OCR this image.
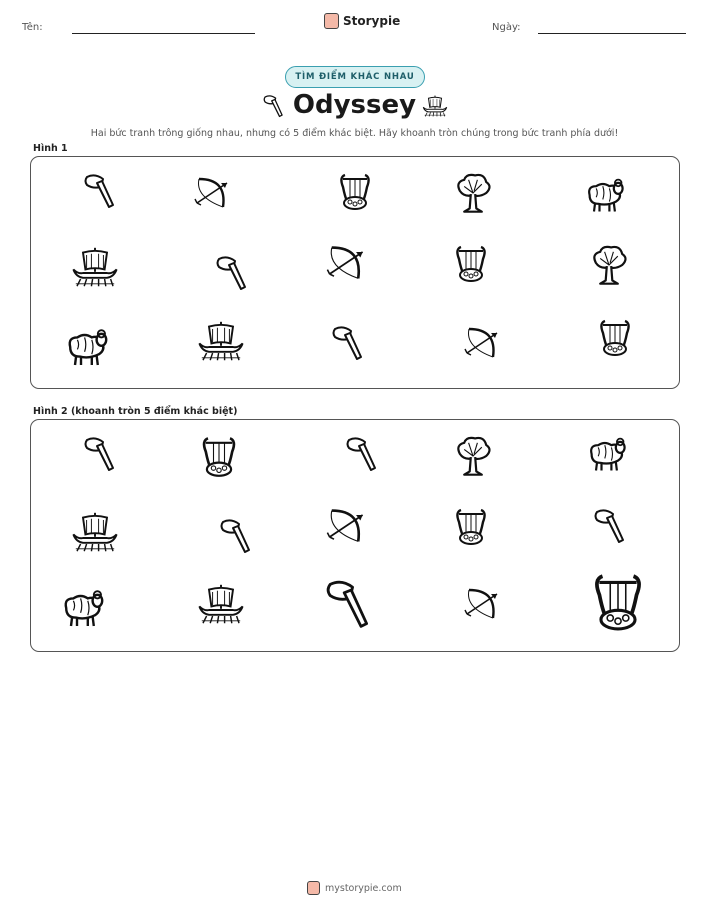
Tên:	Storypie	Ngày:
TÌM ĐIỂM KHÁC NHAU
Odyssey
Hai bức tranh trông giống nhau, nhưng có 5 điểm khác biệt. Hãy khoanh tròn chúng trong bức tranh phía dưới!
Hình 1
Hình 2 (khoanh tròn 5 điểm khác biệt)
mystorypie.com
